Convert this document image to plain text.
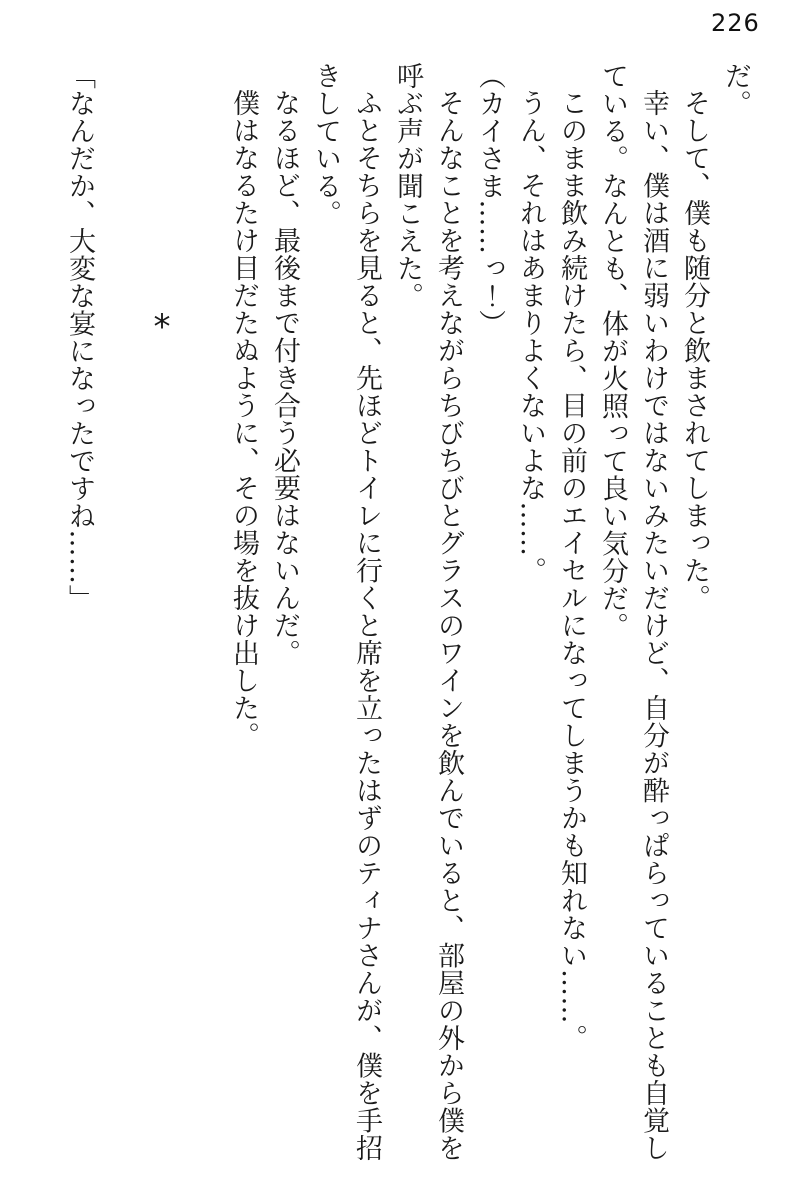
226

だ。

そして、僕も随分と飲まされてしまった。

幸い、僕は酒に弱いわけではないみたいだけど、自分が酔っぱらっていることも自覚し

ている。なんとも、体が火照って良い気分だ。

このまま飲み続けたら、目の前のエイセルになってしまうかも知れない……。

うん、それはあまりよくないよな……。

（カイさま……っ！）

そんなことを考えながらちびちびとグラスのワインを飲んでいると、部屋の外から僕を

呼ぶ声が聞こえた。

ふとそちらを見ると、先ほどトイレに行くと席を立ったはずのティナさんが、僕を手招

きしている。

なるほど、最後まで付き合う必要はないんだ。

僕はなるたけ目だたぬように、その場を抜け出した。

*

「なんだか、大変な宴になったですね……」
